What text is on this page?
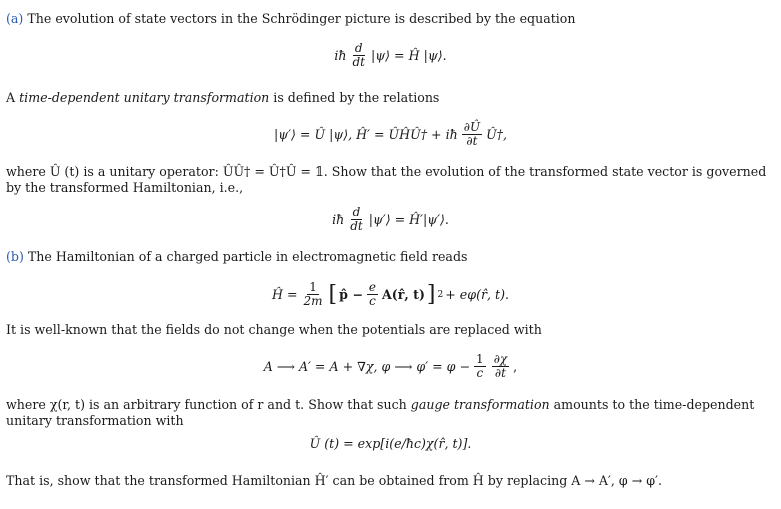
(a) The evolution of state vectors in the Schrödinger picture is described by the equation
iħ $\frac{d}{dt}$ |ψ⟩ = Ĥ |ψ⟩.
A time-dependent unitary transformation is defined by the relations
|ψ′⟩ = Û |ψ⟩, Ĥ′ = ÛĤÛ† + iħ $\frac{\partial Û}{\partial t}$ Û†,
where Û (t) is a unitary operator: ÛÛ† = Û†Û = 𝟙. Show that the evolution of the transformed state vector is governed by the transformed Hamiltonian, i.e.,
iħ $\frac{d}{dt}$ |ψ′⟩ = Ĥ′|ψ′⟩.
(b) The Hamiltonian of a charged particle in electromagnetic field reads
Ĥ = $\frac{1}{2m}$ [ p̂ − $\frac{e}{c}$ A(r̂, t) ] 2 + eφ(r̂, t).
It is well-known that the fields do not change when the potentials are replaced with
A ⟶ A′ = A + ∇χ, φ ⟶ $\varphi' = \varphi - \frac{1}{c} \frac{\partial\chi}{\partial t}$ ,
where χ(r, t) is an arbitrary function of r and t. Show that such gauge transformation amounts to the time-dependent unitary transformation with
Û (t) = exp[i(e/ħc)χ(r̂, t)].
That is, show that the transformed Hamiltonian Ĥ′ can be obtained from Ĥ by replacing A → A′, φ → φ′.
